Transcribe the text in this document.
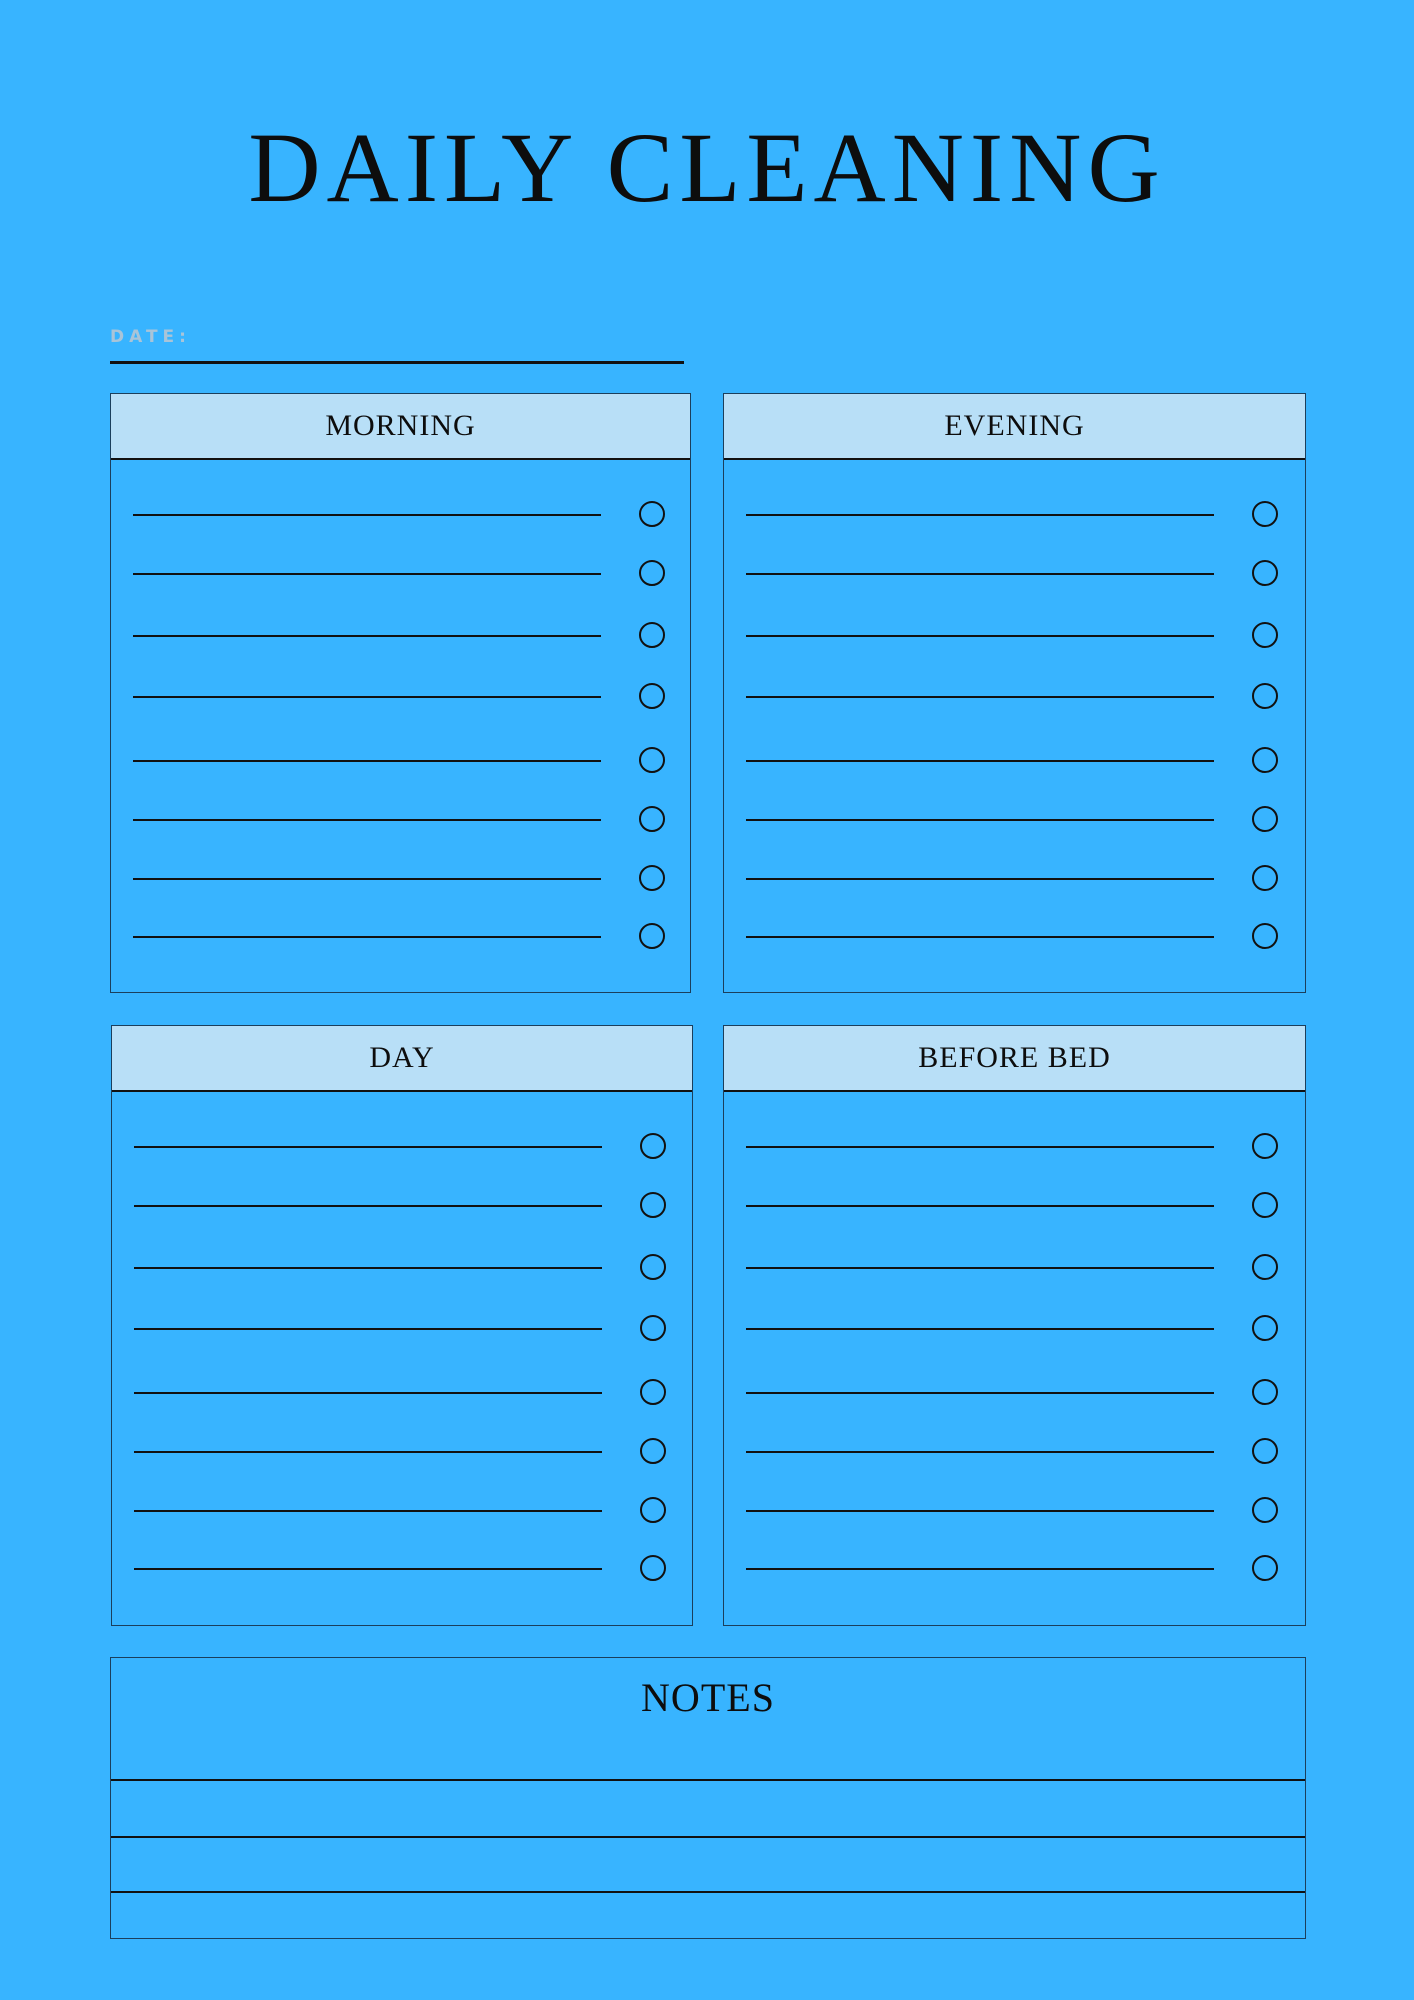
DAILY CLEANING
DATE:
MORNING	EVENING
DAY	BEFORE BED
NOTES
